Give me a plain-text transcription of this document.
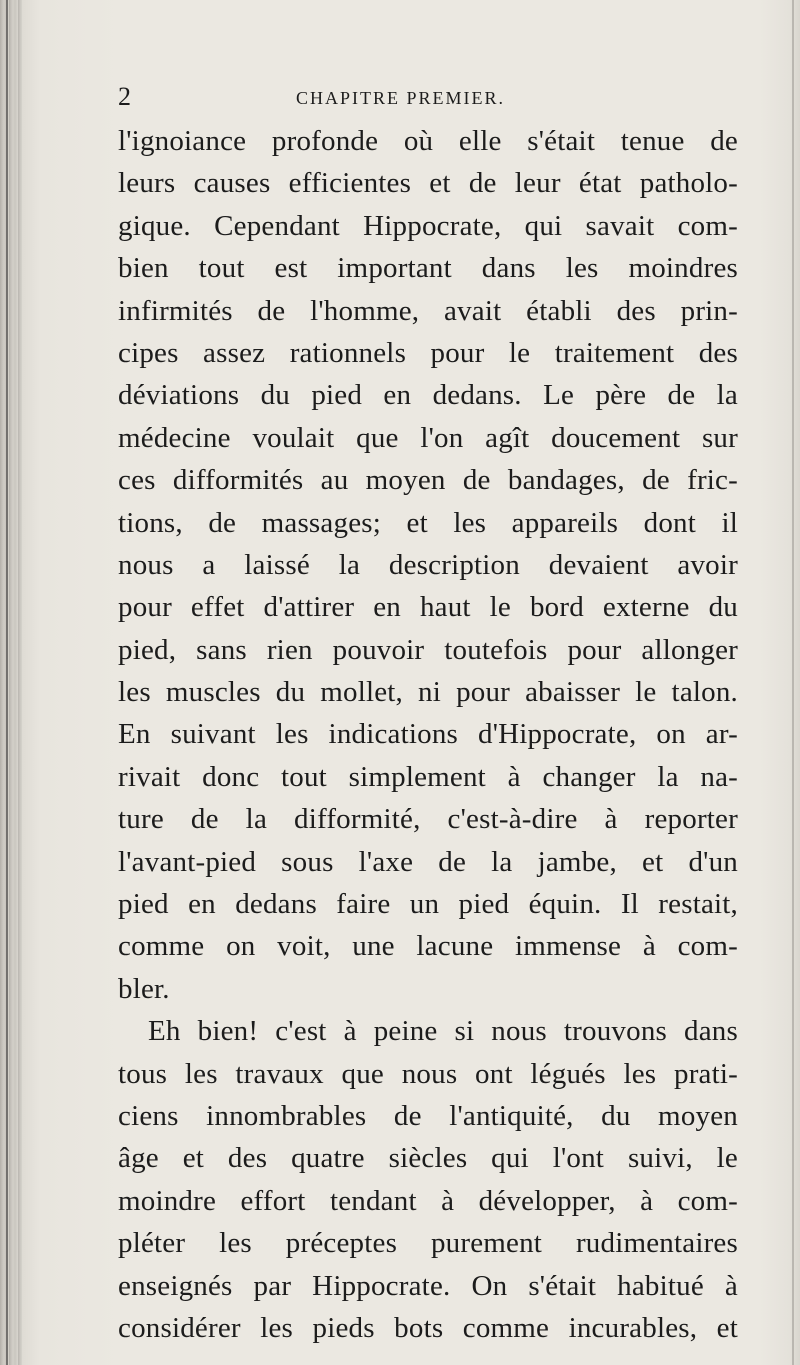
2	CHAPITRE PREMIER.
l'ignoiance profonde où elle s'était tenue de
leurs causes efficientes et de leur état patholo-
gique. Cependant Hippocrate, qui savait com-
bien tout est important dans les moindres
infirmités de l'homme, avait établi des prin-
cipes assez rationnels pour le traitement des
déviations du pied en dedans. Le père de la
médecine voulait que l'on agît doucement sur
ces difformités au moyen de bandages, de fric-
tions, de massages; et les appareils dont il
nous a laissé la description devaient avoir
pour effet d'attirer en haut le bord externe du
pied, sans rien pouvoir toutefois pour allonger
les muscles du mollet, ni pour abaisser le talon.
En suivant les indications d'Hippocrate, on ar-
rivait donc tout simplement à changer la na-
ture de la difformité, c'est-à-dire à reporter
l'avant-pied sous l'axe de la jambe, et d'un
pied en dedans faire un pied équin. Il restait,
comme on voit, une lacune immense à com-
bler.
Eh bien! c'est à peine si nous trouvons dans
tous les travaux que nous ont légués les prati-
ciens innombrables de l'antiquité, du moyen
âge et des quatre siècles qui l'ont suivi, le
moindre effort tendant à développer, à com-
pléter les préceptes purement rudimentaires
enseignés par Hippocrate. On s'était habitué à
considérer les pieds bots comme incurables, et
